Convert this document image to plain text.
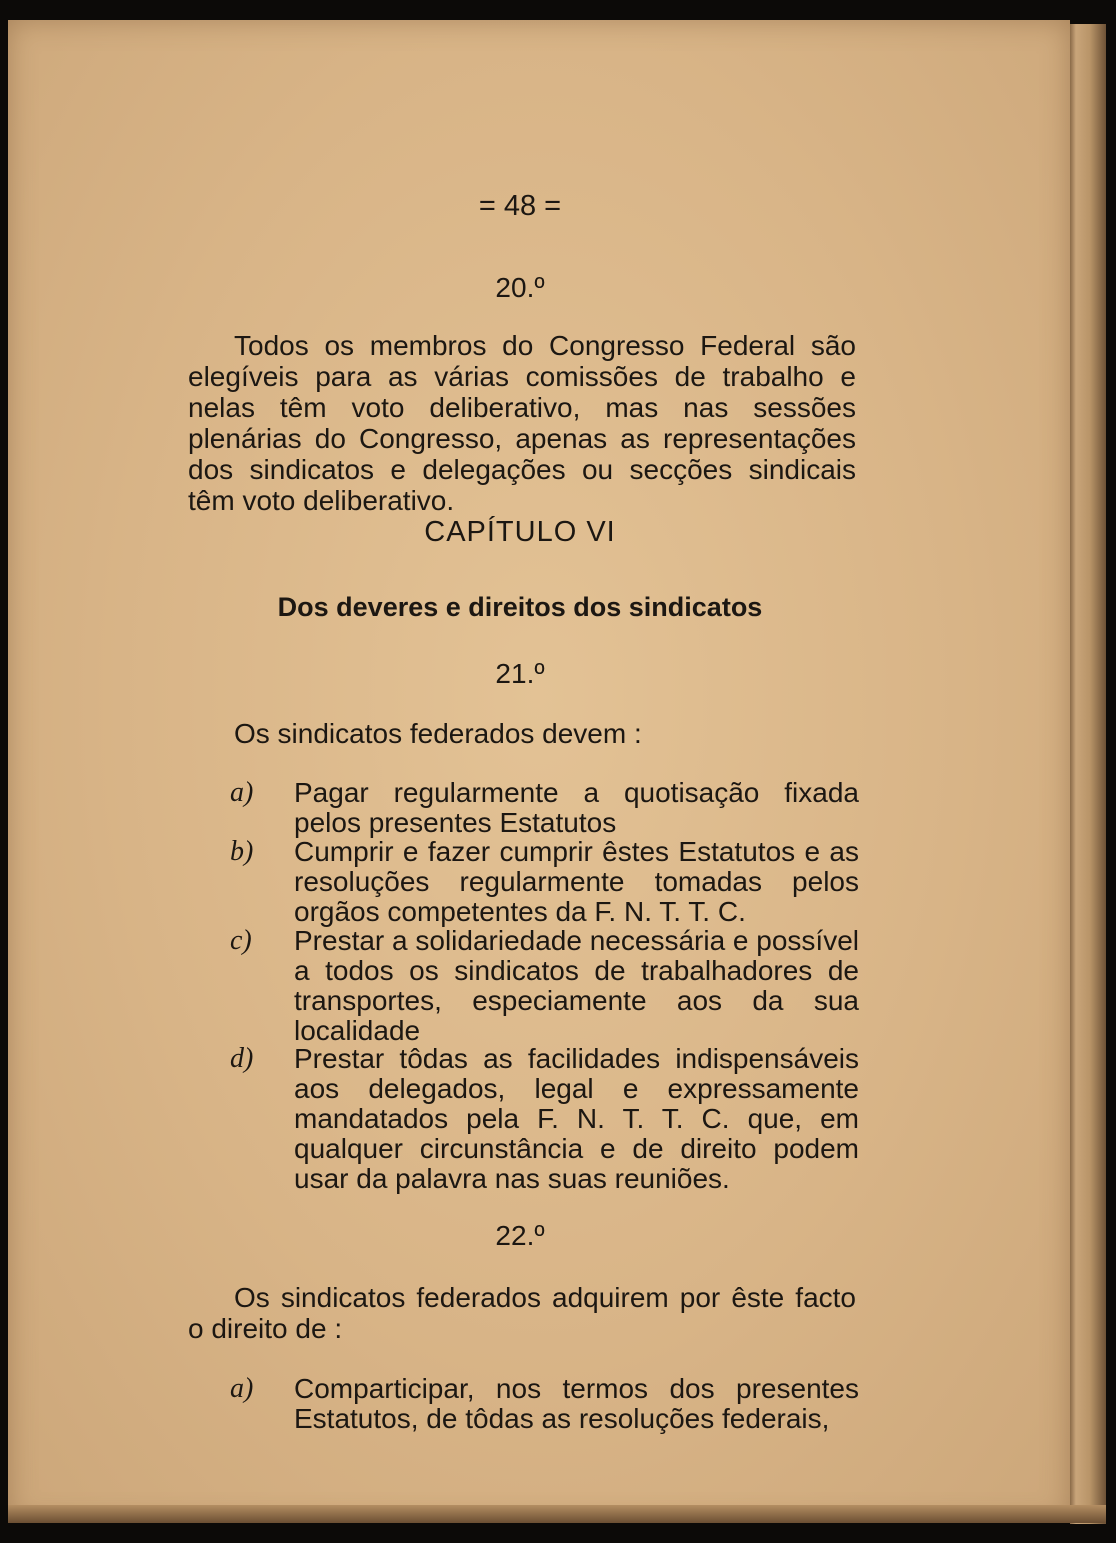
= 48 =
20.º
Todos os membros do Congresso Federal são elegíveis para as várias comissões de trabalho e nelas têm voto deliberativo, mas nas sessões plenárias do Congresso, apenas as representações dos sindicatos e delegações ou secções sindicais têm voto deliberativo.
CAPÍTULO VI
Dos deveres e direitos dos sindicatos
21.º
Os sindicatos federados devem :
a)	Pagar regularmente a quotisação fixada pelos presentes Estatutos
b)	Cumprir e fazer cumprir êstes Estatutos e as resoluções regularmente tomadas pelos orgãos competentes da F. N. T. T. C.
c)	Prestar a solidariedade necessária e possível a todos os sindicatos de trabalhadores de transportes, especiamente aos da sua localidade
d)	Prestar tôdas as facilidades indispensáveis aos delegados, legal e expressamente mandatados pela F. N. T. T. C. que, em qualquer circunstância e de direito podem usar da palavra nas suas reuniões.
22.º
Os sindicatos federados adquirem por êste facto o direito de :
a)	Comparticipar, nos termos dos presentes Estatutos, de tôdas as resoluções federais,
